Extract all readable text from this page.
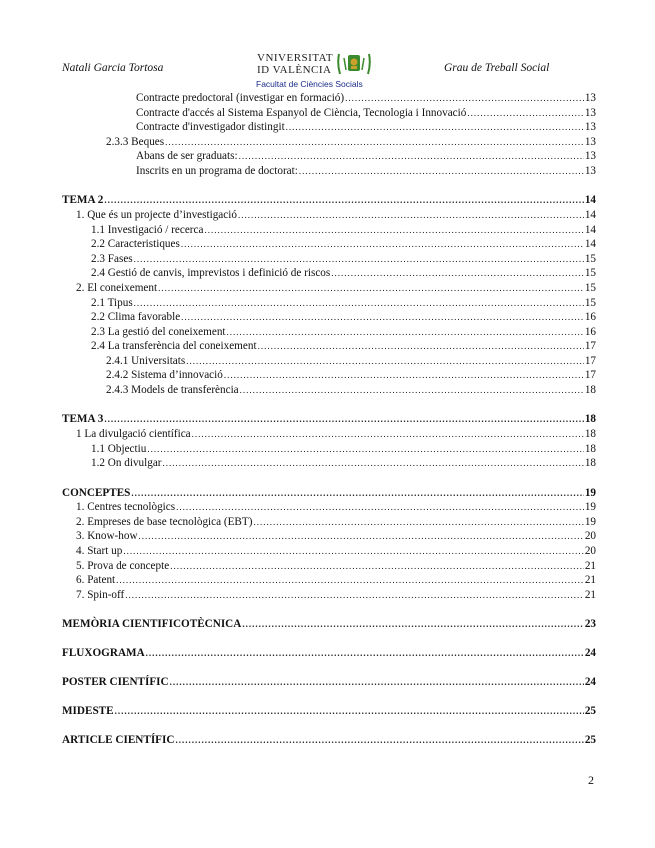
Natali Garcia Tortosa
VNIVERSITAT
ID VALÈNCIA
Facultat de Ciències Socials
Grau de Treball Social
Contracte predoctoral (investigar en formació) .....	13
Contracte d'accés al Sistema Espanyol de Ciència, Tecnologia i Innovació .....	13
Contracte d'investigador distingit .....	13
2.3.3 Beques .....	13
Abans de ser graduats: .....	13
Inscrits en un programa de doctorat: .....	13
TEMA 2 .....	14
1. Que és un projecte d’investigació .....	14
1.1 Investigació / recerca .....	14
2.2 Caracteristiques .....	14
2.3 Fases .....	15
2.4 Gestió de canvis, imprevistos i definició de riscos .....	15
2. El coneixement .....	15
2.1 Tipus .....	15
2.2 Clima favorable .....	16
2.3 La gestió del coneixement .....	16
2.4 La transferència del coneixement .....	17
2.4.1 Universitats .....	17
2.4.2 Sistema d’innovació .....	17
2.4.3 Models de transferència .....	18
TEMA 3 .....	18
1 La divulgació científica .....	18
1.1 Objectiu .....	18
1.2 On divulgar .....	18
CONCEPTES .....	19
1. Centres tecnològics .....	19
2. Empreses de base tecnològica (EBT) .....	19
3. Know-how .....	20
4. Start up .....	20
5. Prova de concepte .....	21
6. Patent .....	21
7. Spin-off .....	21
MEMÒRIA CIENTIFICOTÈCNICA .....	23
FLUXOGRAMA .....	24
POSTER CIENTÍFIC .....	24
MIDESTE .....	25
ARTICLE CIENTÍFIC .....	25
2
